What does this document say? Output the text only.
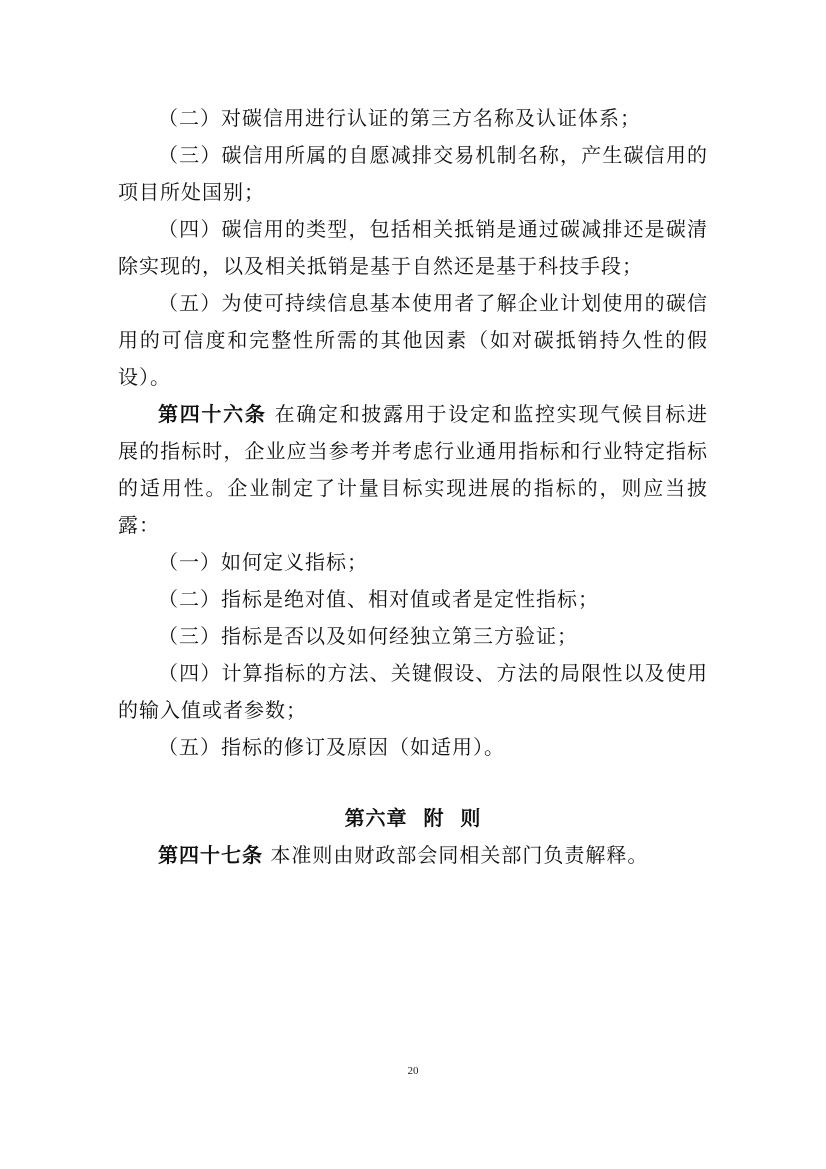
（二）对碳信用进行认证的第三方名称及认证体系；

（三）碳信用所属的自愿减排交易机制名称，产生碳信用的项目所处国别；

（四）碳信用的类型，包括相关抵销是通过碳减排还是碳清除实现的，以及相关抵销是基于自然还是基于科技手段；

（五）为使可持续信息基本使用者了解企业计划使用的碳信用的可信度和完整性所需的其他因素（如对碳抵销持久性的假设）。

第四十六条 在确定和披露用于设定和监控实现气候目标进展的指标时，企业应当参考并考虑行业通用指标和行业特定指标的适用性。企业制定了计量目标实现进展的指标的，则应当披露：

（一）如何定义指标；

（二）指标是绝对值、相对值或者是定性指标；

（三）指标是否以及如何经独立第三方验证；

（四）计算指标的方法、关键假设、方法的局限性以及使用的输入值或者参数；

（五）指标的修订及原因（如适用）。

第六章  附  则

第四十七条 本准则由财政部会同相关部门负责解释。

20
